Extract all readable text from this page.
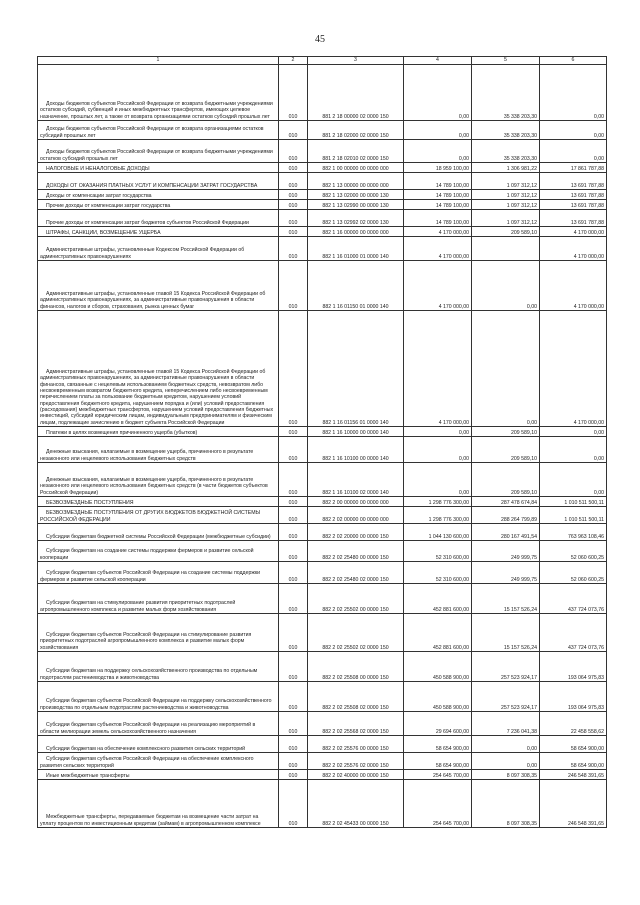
45
1	2	3	4	5	6
Доходы бюджетов субъектов Российской Федерации от возврата бюджетными учреждениями остатков субсидий, субвенций и иных межбюджетных трансфертов, имеющих целевое назначение, прошлых лет, а также от возврата организациями остатков субсидий прошлых лет	010	881 2 18 00000 02 0000 150	0,00	35 338 203,30	0,00
Доходы бюджетов субъектов Российской Федерации от возврата организациями остатков субсидий прошлых лет	010	881 2 18 02000 02 0000 150	0,00	35 338 203,30	0,00
Доходы бюджетов субъектов Российской Федерации от возврата бюджетными учреждениями остатков субсидий прошлых лет	010	881 2 18 02010 02 0000 150	0,00	35 338 203,30	0,00
НАЛОГОВЫЕ И НЕНАЛОГОВЫЕ ДОХОДЫ	010	882 1 00 00000 00 0000 000	18 959 100,00	1 306 981,22	17 861 787,88
ДОХОДЫ ОТ ОКАЗАНИЯ ПЛАТНЫХ УСЛУГ И КОМПЕНСАЦИИ ЗАТРАТ ГОСУДАРСТВА	010	882 1 13 00000 00 0000 000	14 789 100,00	1 097 312,12	13 691 787,88
Доходы от компенсации затрат государства	010	882 1 13 02000 00 0000 130	14 789 100,00	1 097 312,12	13 691 787,88
Прочие доходы от компенсации затрат государства	010	882 1 13 02990 00 0000 130	14 789 100,00	1 097 312,12	13 691 787,88
Прочие доходы от компенсации затрат бюджетов субъектов Российской Федерации	010	882 1 13 02992 02 0000 130	14 789 100,00	1 097 312,12	13 691 787,88
ШТРАФЫ, САНКЦИИ, ВОЗМЕЩЕНИЕ УЩЕРБА	010	882 1 16 00000 00 0000 000	4 170 000,00	209 589,10	4 170 000,00
Административные штрафы, установленные Кодексом Российской Федерации об административных правонарушениях	010	882 1 16 01000 01 0000 140	4 170 000,00		4 170 000,00
Административные штрафы, установленные главой 15 Кодекса Российской Федерации об административных правонарушениях, за административные правонарушения в области финансов, налогов и сборов, страхования, рынка ценных бумаг	010	882 1 16 01150 01 0000 140	4 170 000,00	0,00	4 170 000,00
Административные штрафы, установленные главой 15 Кодекса Российской Федерации об административных правонарушениях, за административные правонарушения в области финансов, связанные с нецелевым использованием бюджетных средств, невозвратом либо несвоевременным возвратом бюджетного кредита, неперечислением либо несвоевременным перечислением платы за пользование бюджетным кредитом, нарушением условий предоставления бюджетного кредита, нарушением порядка и (или) условий предоставления (расходования) межбюджетных трансфертов, нарушением условий предоставления бюджетных инвестиций, субсидий юридическим лицам, индивидуальным предпринимателям и физическим лицам, подлежащие зачислению в бюджет субъекта Российской Федерации	010	882 1 16 01156 01 0000 140	4 170 000,00	0,00	4 170 000,00
Платежи в целях возмещения причиненного ущерба (убытков)	010	882 1 16 10000 00 0000 140	0,00	209 589,10	0,00
Денежные взыскания, налагаемые в возмещение ущерба, причиненного в результате незаконного или нецелевого использования бюджетных средств	010	882 1 16 10100 00 0000 140	0,00	209 589,10	0,00
Денежные взыскания, налагаемые в возмещение ущерба, причиненного в результате незаконного или нецелевого использования бюджетных средств (в части бюджетов субъектов Российской Федерации)	010	882 1 16 10100 02 0000 140	0,00	209 589,10	0,00
БЕЗВОЗМЕЗДНЫЕ ПОСТУПЛЕНИЯ	010	882 2 00 00000 00 0000 000	1 298 776 300,00	287 478 674,84	1 010 511 500,11
БЕЗВОЗМЕЗДНЫЕ ПОСТУПЛЕНИЯ ОТ ДРУГИХ БЮДЖЕТОВ БЮДЖЕТНОЙ СИСТЕМЫ РОССИЙСКОЙ ФЕДЕРАЦИИ	010	882 2 02 00000 00 0000 000	1 298 776 300,00	288 264 799,89	1 010 511 500,11
Субсидии бюджетам бюджетной системы Российской Федерации (межбюджетные субсидии)	010	882 2 02 20000 00 0000 150	1 044 130 600,00	280 167 491,54	763 963 108,46
Субсидии бюджетам на создание системы поддержки фермеров и развитие сельской кооперации	010	882 2 02 25480 00 0000 150	52 310 600,00	249 999,75	52 060 600,25
Субсидии бюджетам субъектов Российской Федерации на создание системы поддержки фермеров и развитие сельской кооперации	010	882 2 02 25480 02 0000 150	52 310 600,00	249 999,75	52 060 600,25
Субсидии бюджетам на стимулирование развития приоритетных подотраслей агропромышленного комплекса и развитие малых форм хозяйствования	010	882 2 02 25502 00 0000 150	452 881 600,00	15 157 526,24	437 724 073,76
Субсидии бюджетам субъектов Российской Федерации на стимулирование развития приоритетных подотраслей агропромышленного комплекса и развитие малых форм хозяйствования	010	882 2 02 25502 02 0000 150	452 881 600,00	15 157 526,24	437 724 073,76
Субсидии бюджетам на поддержку сельскохозяйственного производства по отдельным подотраслям растениеводства и животноводства	010	882 2 02 25508 00 0000 150	450 588 900,00	257 523 924,17	193 064 975,83
Субсидии бюджетам субъектов Российской Федерации на поддержку сельскохозяйственного производства по отдельным подотраслям растениеводства и животноводства	010	882 2 02 25508 02 0000 150	450 588 900,00	257 523 924,17	193 064 975,83
Субсидии бюджетам субъектов Российской Федерации на реализацию мероприятий в области мелиорации земель сельскохозяйственного назначения	010	882 2 02 25568 02 0000 150	29 694 600,00	7 236 041,38	22 458 558,62
Субсидии бюджетам на обеспечение комплексного развития сельских территорий	010	882 2 02 25576 00 0000 150	58 654 900,00	0,00	58 654 900,00
Субсидии бюджетам субъектов Российской Федерации на обеспечение комплексного развития сельских территорий	010	882 2 02 25576 02 0000 150	58 654 900,00	0,00	58 654 900,00
Иные межбюджетные трансферты	010	882 2 02 40000 00 0000 150	254 645 700,00	8 097 308,35	246 548 391,65
Межбюджетные трансферты, передаваемые бюджетам на возмещение части затрат на уплату процентов по инвестиционным кредитам (займам) в агропромышленном комплексе	010	882 2 02 45433 00 0000 150	254 645 700,00	8 097 308,35	246 548 391,65
